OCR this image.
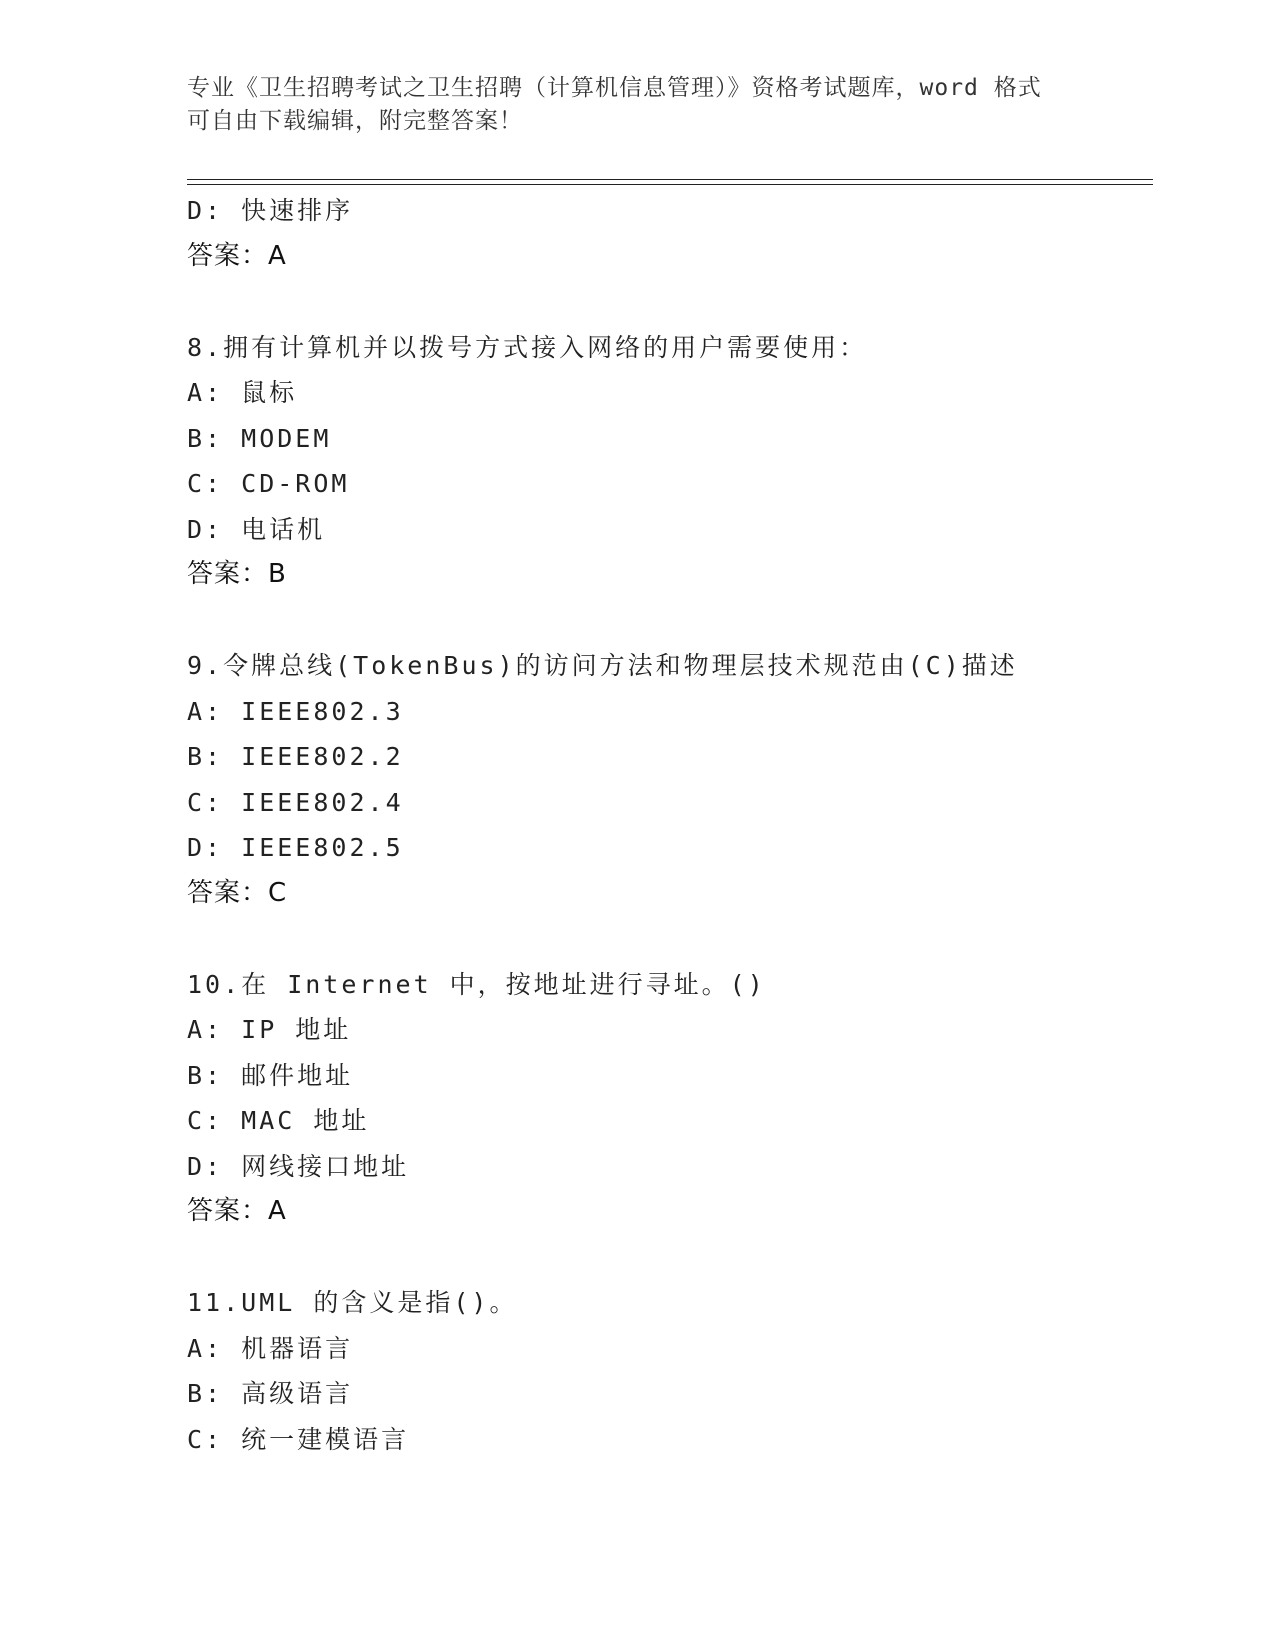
专业《卫生招聘考试之卫生招聘（计算机信息管理）》资格考试题库，word 格式
可自由下载编辑，附完整答案！
D: 快速排序
答案：A
8.拥有计算机并以拨号方式接入网络的用户需要使用：
A: 鼠标
B: MODEM
C: CD-ROM
D: 电话机
答案：B
9.令牌总线(TokenBus)的访问方法和物理层技术规范由(C)描述
A: IEEE802.3
B: IEEE802.2
C: IEEE802.4
D: IEEE802.5
答案：C
10.在 Internet 中，按地址进行寻址。()
A: IP 地址
B: 邮件地址
C: MAC 地址
D: 网线接口地址
答案：A
11.UML 的含义是指()。
A: 机器语言
B: 高级语言
C: 统一建模语言
